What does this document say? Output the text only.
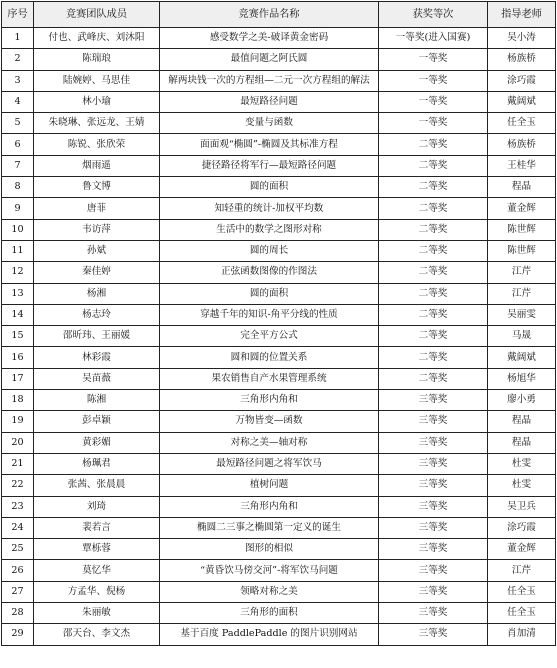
序号	竞赛团队成员	竞赛作品名称	获奖等次	指导老师
1	付也、武峰庆、刘沐阳	感受数学之美-破译黄金密码	一等奖(进入国赛)	吴小涛
2	陈瑞琅	最值问题之阿氏圆	一等奖	杨族桥
3	陆婉婷、马思佳	解两块钱一次的方程组—二元一次方程组的解法	一等奖	涂巧霞
4	林小瑜	最短路径问题	一等奖	戴阔斌
5	朱晓琳、张远龙、王婧	变量与函数	一等奖	任全玉
6	陈锐、张欣荣	面面观“椭圆”-椭圆及其标准方程	二等奖	杨族桥
7	烟雨遥	捷径路径将军行—最短路径问题	二等奖	王桂华
8	鲁文博	圆的面积	二等奖	程晶
9	唐菲	知轻重的统计-加权平均数	二等奖	董金辉
10	韦访萍	生活中的数学之图形对称	二等奖	陈世辉
11	孙斌	圆的周长	二等奖	陈世辉
12	秦佳婷	正弦函数图像的作图法	二等奖	江芹
13	杨湘	圆的面积	二等奖	江芹
14	杨志玲	穿越千年的知识-角平分线的性质	二等奖	吴丽雯
15	邵昕玮、王丽媛	完全平方公式	二等奖	马晟
16	林彩霞	圆和圆的位置关系	二等奖	戴阔斌
17	吴苗薇	果农销售自产水果管理系统	二等奖	杨旭华
18	陈湘	三角形内角和	三等奖	廖小勇
19	彭卓颖	万物皆变—函数	三等奖	程晶
20	黄彩媚	对称之美—轴对称	三等奖	程晶
21	杨珮君	最短路径问题之将军饮马	三等奖	杜雯
22	张茜、张晨晨	植树问题	三等奖	杜雯
23	刘琦	三角形内角和	三等奖	吴卫兵
24	裴若言	椭圆二三事之椭圆第一定义的诞生	三等奖	涂巧霞
25	覃栎蓉	图形的相似	三等奖	董金辉
26	莫忆华	“黄昏饮马傍交河”-将军饮马问题	三等奖	江芹
27	方孟华、倪杨	领略对称之美	三等奖	任全玉
28	朱丽敏	三角形的面积	三等奖	任全玉
29	邵天台、李文杰	基于百度 PaddlePaddle 的图片识别网站	三等奖	肖加清
